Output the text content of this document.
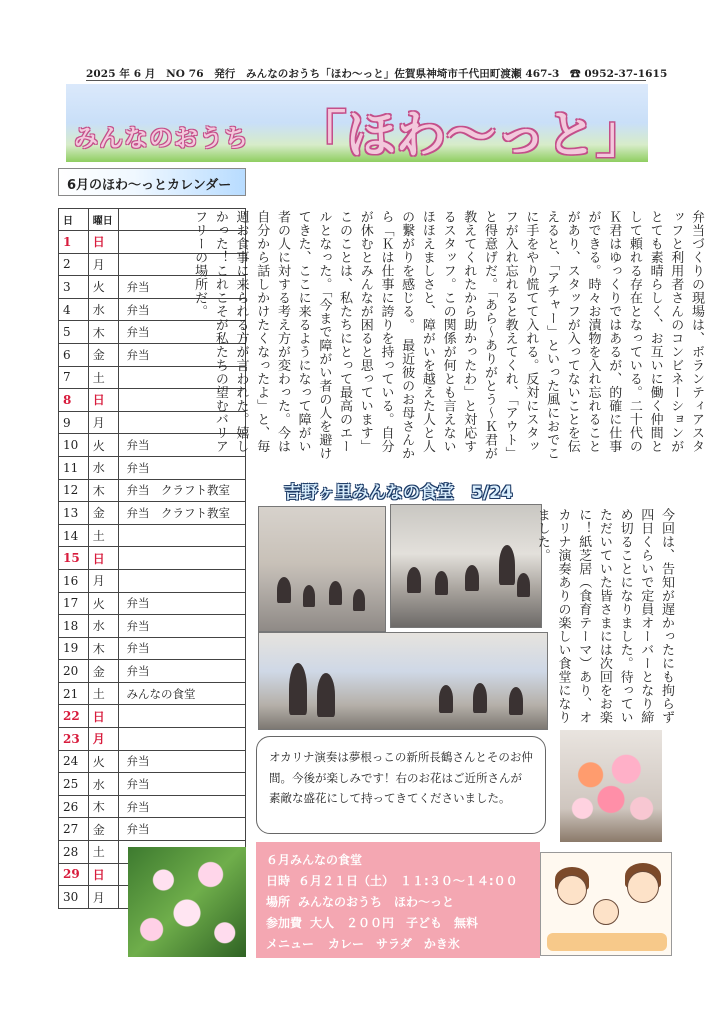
2025 年 6 月　NO 76　発行　みんなのおうち「ほわ～っと」佐賀県神埼市千代田町渡瀬 467-3　☎ 0952-37-1615
みんなのおうち 「ほわ～っと」
6月のほわ～っとカレンダー
日	曜日	
1	日	
2	月	
3	火	弁当
4	水	弁当
5	木	弁当
6	金	弁当
7	土	
8	日	
9	月	
10	火	弁当
11	水	弁当
12	木	弁当　クラフト教室
13	金	弁当　クラフト教室
14	土	
15	日	
16	月	
17	火	弁当
18	水	弁当
19	木	弁当
20	金	弁当
21	土	みんなの食堂
22	日	
23	月	
24	火	弁当
25	水	弁当
26	木	弁当
27	金	弁当
28	土	
29	日	
30	月	
弁当づくりの現場は、ボランティアスタッフと利用者さんのコンビネーションがとても素晴らしく、お互いに働く仲間として頼れる存在となっている。二十代のＫ君はゆっくりではあるが、的確に仕事ができる。時々お漬物を入れ忘れることがあり、スタッフが入ってないことを伝えると、「アチャー」といった風におでこに手をやり慌てて入れる。反対にスタッフが入れ忘れると教えてくれ、「アウト」と得意げだ。「あら～ありがとう～Ｋ君が教えてくれたから助かったわ」と対応するスタッフ。この関係が何とも言えないほほえましさと、障がいを越えた人と人の繋がりを感じる。　最近彼のお母さんから「Ｋは仕事に誇りを持っている。自分が休むとみんなが困ると思っています」このことは、私たちにとって最高のエールとなった。「今まで障がい者の人を避けてきた、ここに来るようになって障がい者の人に対する考え方が変わった。今は自分から話しかけたくなったよ」と、毎週お食事に来られる方が言われた。嬉しかった！これこそが私たちの望むバリアフリーの場所だ。
吉野ヶ里みんなの食堂　5/24
今回は、告知が遅かったにも拘らず四日くらいで定員オーバーとなり締め切ることになりました。待っていただいていた皆さまには次回をお楽に！紙芝居（食育テーマ）あり、オカリナ演奏ありの楽しい食堂になりました。
オカリナ演奏は夢根っこの新所長鶴さんとそのお仲間。今後が楽しみです！右のお花はご近所さんが素敵な盛花にして持ってきてくださいました。
６月みんなの食堂
日時 ６月２１日（土）　１１:３０～１４:００
場所 みんなのおうち　ほわ～っと
参加費 大人　２００円　子ども　無料
メニュー カレー　サラダ　かき氷
